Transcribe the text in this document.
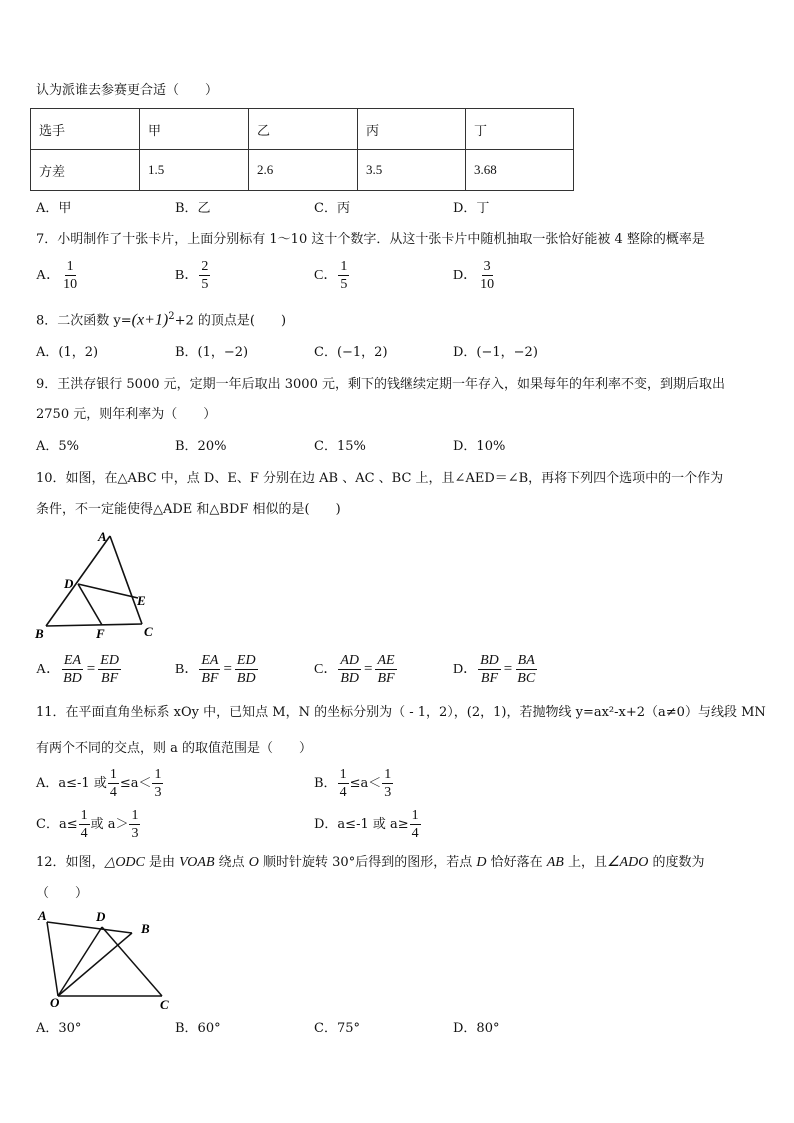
认为派谁去参赛更合适（　　）
选手	甲	乙	丙	丁
方差	1.5	2.6	3.5	3.68
A．甲	B．乙	C．丙	D．丁
7．小明制作了十张卡片，上面分别标有 1～10 这十个数字．从这十张卡片中随机抽取一张恰好能被 4 整除的概率是
A． $\frac{1}{10}$	B． $\frac{2}{5}$	C． $\frac{1}{5}$	D． $\frac{3}{10}$
8．二次函数 $y=(x+1)^2+2$ 的顶点是(　　)
A．(1，2)	B．(1，−2)	C．(−1，2)	D．(−1，−2)
9．王洪存银行 5000 元，定期一年后取出 3000 元，剩下的钱继续定期一年存入，如果每年的年利率不变，到期后取出
2750 元，则年利率为（　　）
A．5%	B．20%	C．15%	D．10%
10．如图，在△ABC 中，点 D、E、F 分别在边 AB 、AC 、BC 上，且∠AED＝∠B，再将下列四个选项中的一个作为
条件，不一定能使得△ADE 和△BDF 相似的是(　　)
A
D
E
B	F	C
A． $\frac{EA}{BD} = \frac{ED}{BF}$	B． $\frac{EA}{BF} = \frac{ED}{BD}$	C． $\frac{AD}{BD} = \frac{AE}{BF}$	D． $\frac{BD}{BF} = \frac{BA}{BC}$
11．在平面直角坐标系 xOy 中，已知点 M，N 的坐标分别为（ - 1，2），(2，1)，若抛物线 y=ax²-x+2（a≠0）与线段 MN
有两个不同的交点，则 a 的取值范围是（　　）
A．a≤-1 或 $\frac{1}{4} \le a< \frac{1}{3}$	B． $\frac{1}{4} \le a< \frac{1}{3}$
C．$a\le \frac{1}{4}$ 或 $a> \frac{1}{3}$	D．a≤-1 或 $a\ge \frac{1}{4}$
12．如图，△ODC 是由 VOAB 绕点 O 顺时针旋转 30°后得到的图形，若点 D 恰好落在 AB 上，且∠ADO 的度数为
（　　）
A	D
B
O	C
A．30°	B．60°	C．75°	D．80°
